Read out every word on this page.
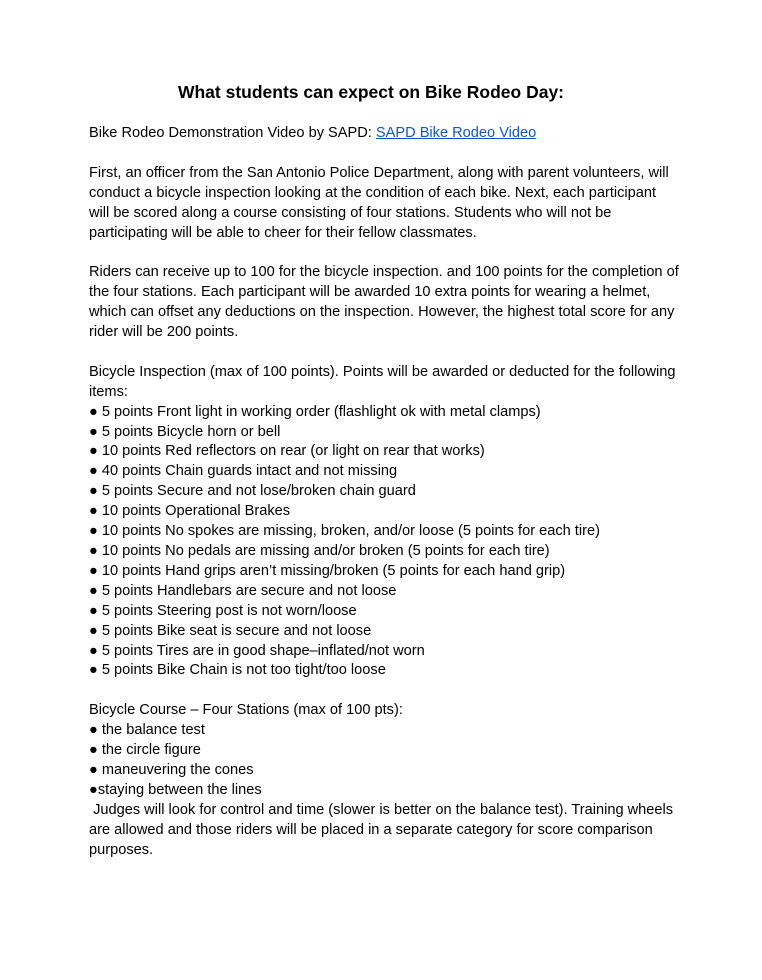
What students can expect on Bike Rodeo Day:

Bike Rodeo Demonstration Video by SAPD: SAPD Bike Rodeo Video

First, an officer from the San Antonio Police Department, along with parent volunteers, will conduct a bicycle inspection looking at the condition of each bike. Next, each participant will be scored along a course consisting of four stations. Students who will not be participating will be able to cheer for their fellow classmates.

Riders can receive up to 100 for the bicycle inspection. and 100 points for the completion of the four stations. Each participant will be awarded 10 extra points for wearing a helmet, which can offset any deductions on the inspection. However, the highest total score for any rider will be 200 points.

Bicycle Inspection (max of 100 points). Points will be awarded or deducted for the following items:

● 5 points Front light in working order (flashlight ok with metal clamps)
● 5 points Bicycle horn or bell
● 10 points Red reflectors on rear (or light on rear that works)
● 40 points Chain guards intact and not missing
● 5 points Secure and not lose/broken chain guard
● 10 points Operational Brakes
● 10 points No spokes are missing, broken, and/or loose (5 points for each tire)
● 10 points No pedals are missing and/or broken (5 points for each tire)
● 10 points Hand grips aren’t missing/broken (5 points for each hand grip)
● 5 points Handlebars are secure and not loose
● 5 points Steering post is not worn/loose
● 5 points Bike seat is secure and not loose
● 5 points Tires are in good shape–inflated/not worn
● 5 points Bike Chain is not too tight/too loose

Bicycle Course – Four Stations (max of 100 pts):

● the balance test
● the circle figure
● maneuvering the cones
●staying between the lines

Judges will look for control and time (slower is better on the balance test). Training wheels are allowed and those riders will be placed in a separate category for score comparison purposes.
